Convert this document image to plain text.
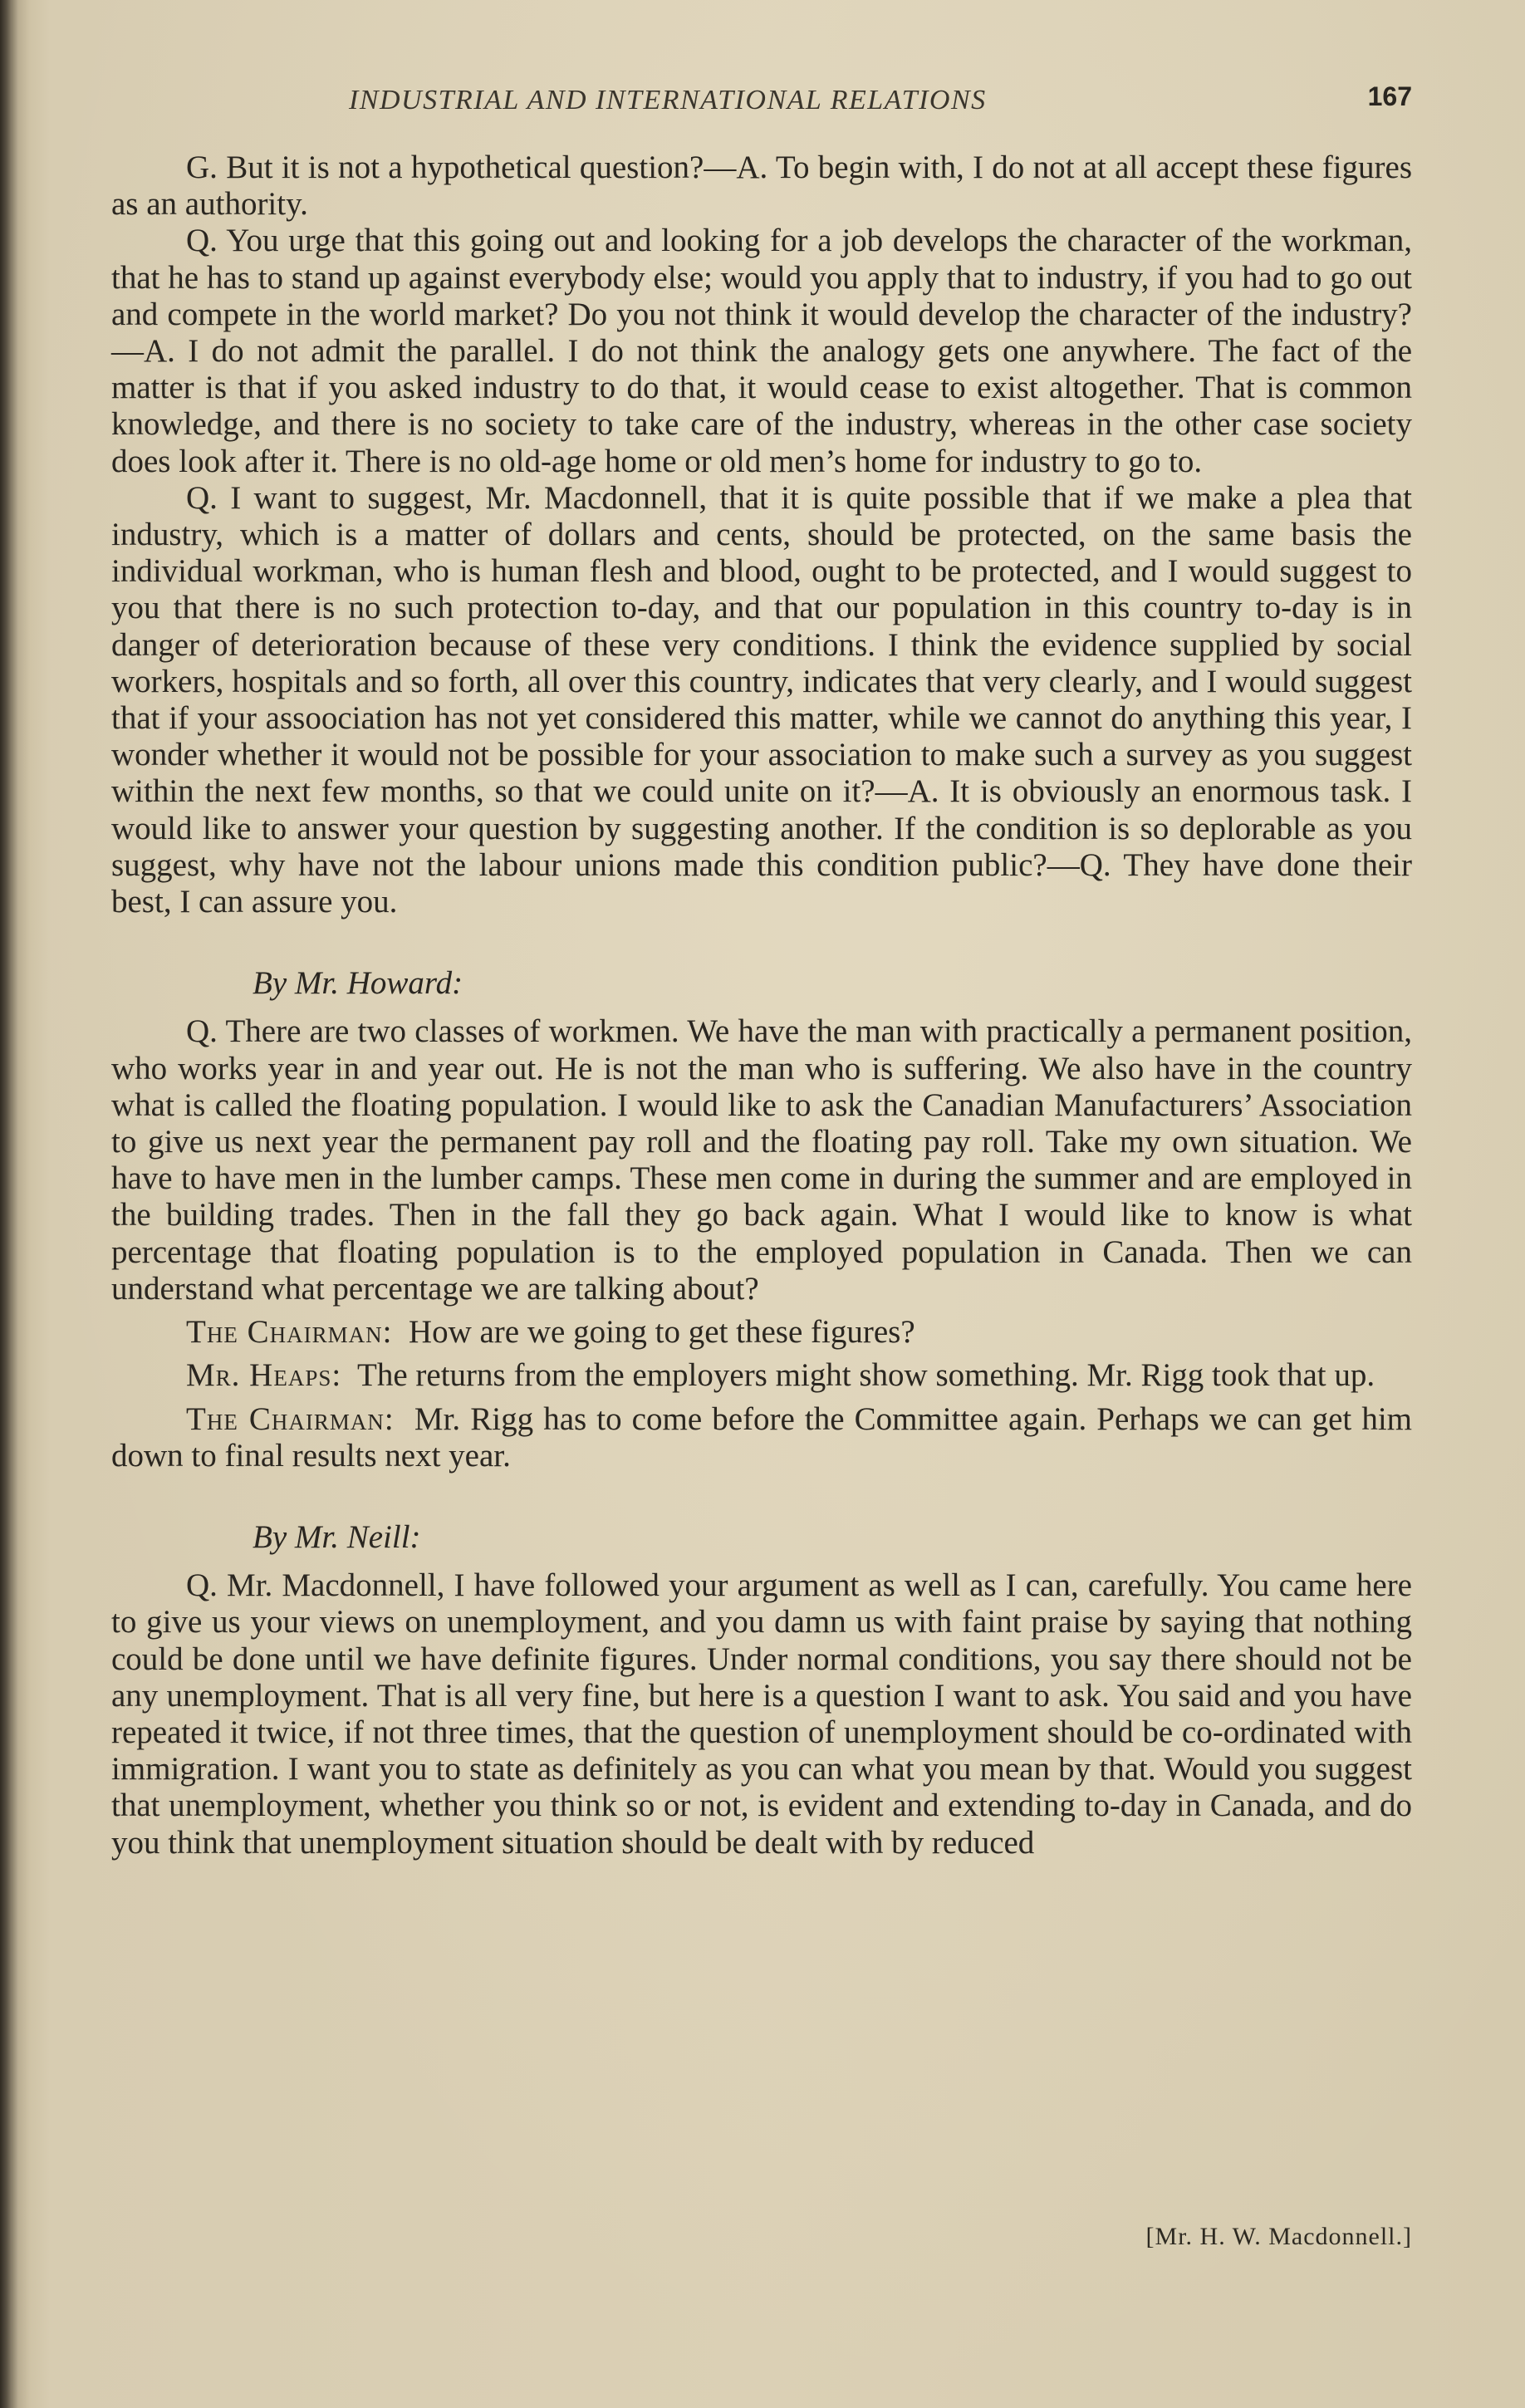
INDUSTRIAL AND INTERNATIONAL RELATIONS	167

G. But it is not a hypothetical question?—A. To begin with, I do not at all accept these figures as an authority.

Q. You urge that this going out and looking for a job develops the character of the workman, that he has to stand up against everybody else; would you apply that to industry, if you had to go out and compete in the world market? Do you not think it would develop the character of the industry?—A. I do not admit the parallel. I do not think the analogy gets one anywhere. The fact of the matter is that if you asked industry to do that, it would cease to exist altogether. That is common knowledge, and there is no society to take care of the industry, whereas in the other case society does look after it. There is no old-age home or old men’s home for industry to go to.

Q. I want to suggest, Mr. Macdonnell, that it is quite possible that if we make a plea that industry, which is a matter of dollars and cents, should be protected, on the same basis the individual workman, who is human flesh and blood, ought to be protected, and I would suggest to you that there is no such protection to-day, and that our population in this country to-day is in danger of deterioration because of these very conditions. I think the evidence supplied by social workers, hospitals and so forth, all over this country, indicates that very clearly, and I would suggest that if your assoociation has not yet considered this matter, while we cannot do anything this year, I wonder whether it would not be possible for your association to make such a survey as you suggest within the next few months, so that we could unite on it?—A. It is obviously an enormous task. I would like to answer your question by suggesting another. If the condition is so deplorable as you suggest, why have not the labour unions made this condition public?—Q. They have done their best, I can assure you.

By Mr. Howard:

Q. There are two classes of workmen. We have the man with practically a permanent position, who works year in and year out. He is not the man who is suffering. We also have in the country what is called the floating population. I would like to ask the Canadian Manufacturers’ Association to give us next year the permanent pay roll and the floating pay roll. Take my own situation. We have to have men in the lumber camps. These men come in during the summer and are employed in the building trades. Then in the fall they go back again. What I would like to know is what percentage that floating population is to the employed population in Canada. Then we can understand what percentage we are talking about?

The Chairman: How are we going to get these figures?

Mr. Heaps: The returns from the employers might show something. Mr. Rigg took that up.

The Chairman: Mr. Rigg has to come before the Committee again. Perhaps we can get him down to final results next year.

By Mr. Neill:

Q. Mr. Macdonnell, I have followed your argument as well as I can, carefully. You came here to give us your views on unemployment, and you damn us with faint praise by saying that nothing could be done until we have definite figures. Under normal conditions, you say there should not be any unemployment. That is all very fine, but here is a question I want to ask. You said and you have repeated it twice, if not three times, that the question of unemployment should be co-ordinated with immigration. I want you to state as definitely as you can what you mean by that. Would you suggest that unemployment, whether you think so or not, is evident and extending to-day in Canada, and do you think that unemployment situation should be dealt with by reduced

[Mr. H. W. Macdonnell.]
